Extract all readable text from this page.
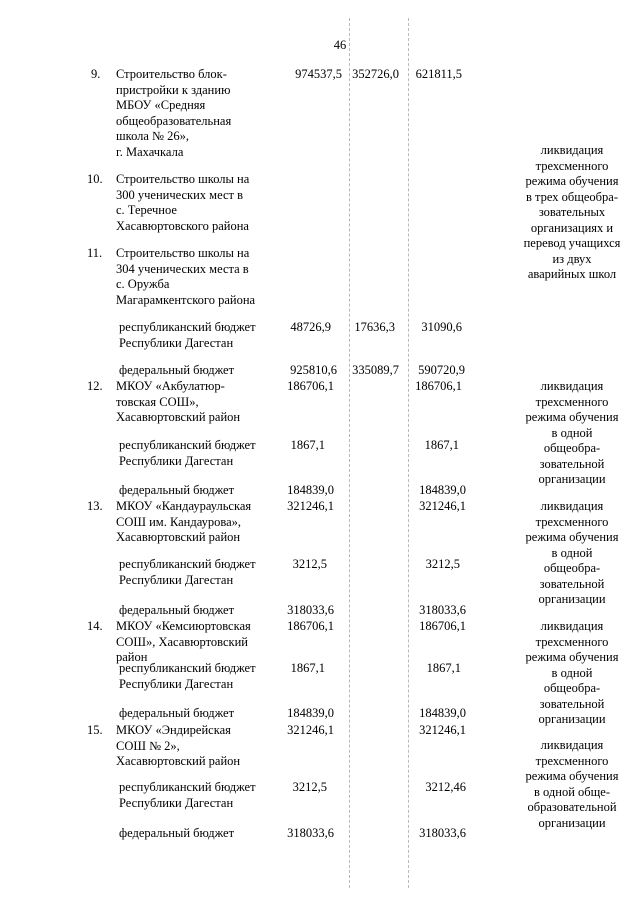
46
9.
10.
11.
12.
13.
14.
15.
Строительство блок-
пристройки к зданию
МБОУ «Средняя
общеобразовательная
школа № 26»,
г. Махачкала
Строительство школы на
300 ученических мест в
с. Теречное
Хасавюртовского района
Строительство школы на
304 ученических места в
с. Оружба
Магарамкентского района
МКОУ «Акбулатюр-
товская СОШ»,
Хасавюртовский район
МКОУ «Кандаураульская
СОШ им. Кандаурова»,
Хасавюртовский район
МКОУ «Кемсиюртовская
СОШ», Хасавюртовский
район
МКОУ «Эндирейская
СОШ № 2»,
Хасавюртовский район
республиканский бюджет
Республики Дагестан
федеральный бюджет
республиканский бюджет
Республики Дагестан
федеральный бюджет
республиканский бюджет
Республики Дагестан
федеральный бюджет
республиканский бюджет
Республики Дагестан
федеральный бюджет
республиканский бюджет
Республики Дагестан
федеральный бюджет
974537,5
48726,9
925810,6
186706,1
1867,1
184839,0
321246,1
3212,5
318033,6
186706,1
1867,1
184839,0
321246,1
3212,5
318033,6
352726,0
17636,3
335089,7
621811,5
31090,6
590720,9
186706,1
1867,1
184839,0
321246,1
3212,5
318033,6
186706,1
1867,1
184839,0
321246,1
3212,46
318033,6
ликвидация
трехсменного
режима обучения
в трех общеобра-
зовательных
организациях и
перевод учащихся
из двух
аварийных школ
ликвидация
трехсменного
режима обучения
в одной
общеобра-
зовательной
организации
ликвидация
трехсменного
режима обучения
в одной
общеобра-
зовательной
организации
ликвидация
трехсменного
режима обучения
в одной
общеобра-
зовательной
организации
ликвидация
трехсменного
режима обучения
в одной обще-
образовательной
организации
